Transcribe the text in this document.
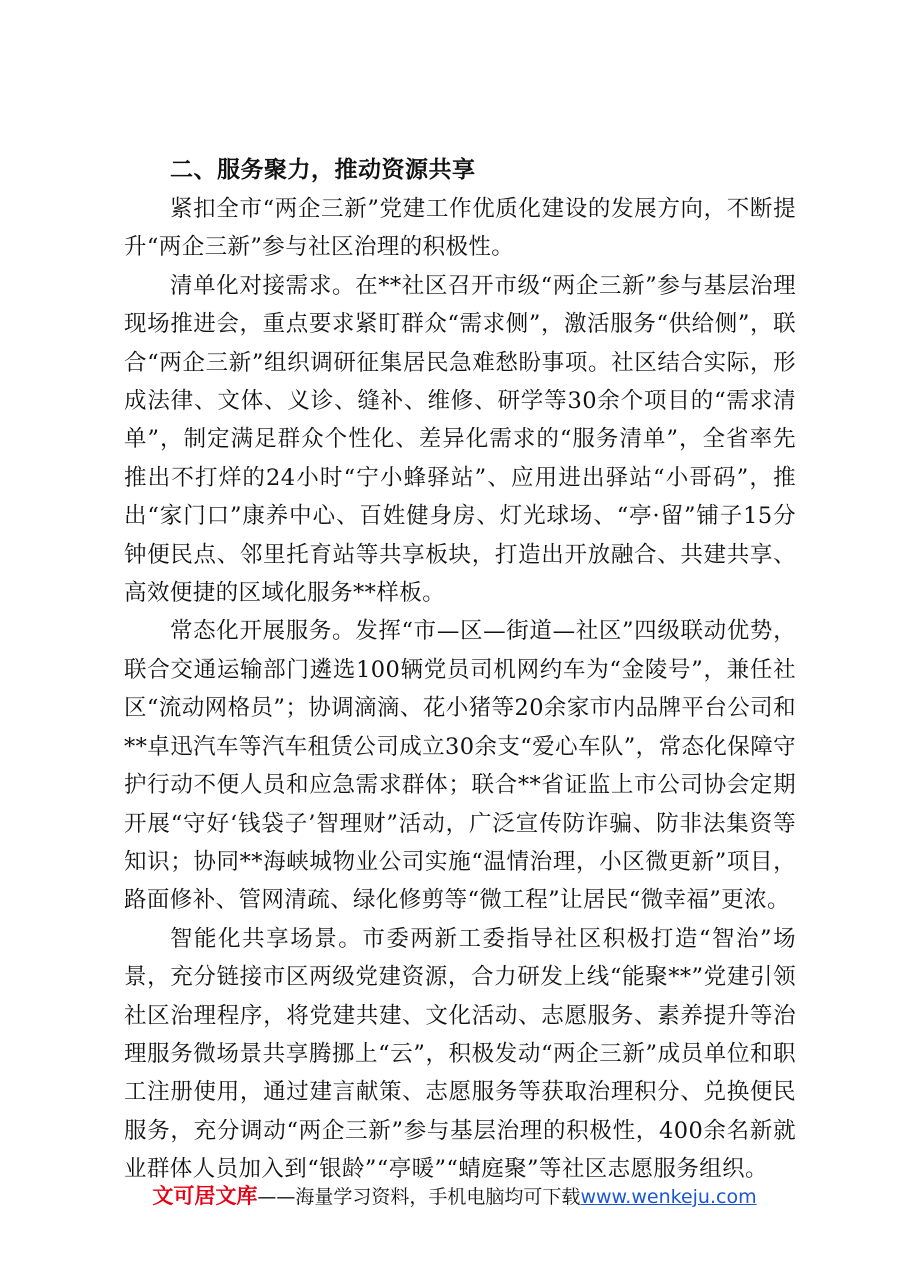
二、服务聚力，推动资源共享

紧扣全市“两企三新”党建工作优质化建设的发展方向，不断提升“两企三新”参与社区治理的积极性。

清单化对接需求。在**社区召开市级“两企三新”参与基层治理现场推进会，重点要求紧盯群众“需求侧”，激活服务“供给侧”，联合“两企三新”组织调研征集居民急难愁盼事项。社区结合实际，形成法律、文体、义诊、缝补、维修、研学等30余个项目的“需求清单”，制定满足群众个性化、差异化需求的“服务清单”，全省率先推出不打烊的24小时“宁小蜂驿站”、应用进出驿站“小哥码”，推出“家门口”康养中心、百姓健身房、灯光球场、“亭·留”铺子15分钟便民点、邻里托育站等共享板块，打造出开放融合、共建共享、高效便捷的区域化服务**样板。

常态化开展服务。发挥“市—区—街道—社区”四级联动优势，联合交通运输部门遴选100辆党员司机网约车为“金陵号”，兼任社区“流动网格员”；协调滴滴、花小猪等20余家市内品牌平台公司和**卓迅汽车等汽车租赁公司成立30余支“爱心车队”，常态化保障守护行动不便人员和应急需求群体；联合**省证监上市公司协会定期开展“守好‘钱袋子’智理财”活动，广泛宣传防诈骗、防非法集资等知识；协同**海峡城物业公司实施“温情治理，小区微更新”项目，路面修补、管网清疏、绿化修剪等“微工程”让居民“微幸福”更浓。

智能化共享场景。市委两新工委指导社区积极打造“智治”场景，充分链接市区两级党建资源，合力研发上线“能聚**”党建引领社区治理程序，将党建共建、文化活动、志愿服务、素养提升等治理服务微场景共享腾挪上“云”，积极发动“两企三新”成员单位和职工注册使用，通过建言献策、志愿服务等获取治理积分、兑换便民服务，充分调动“两企三新”参与基层治理的积极性，400余名新就业群体人员加入到“银龄”“亭暖”“蜻庭聚”等社区志愿服务组织。

文可居文库——海量学习资料，手机电脑均可下载www.wenkeju.com
